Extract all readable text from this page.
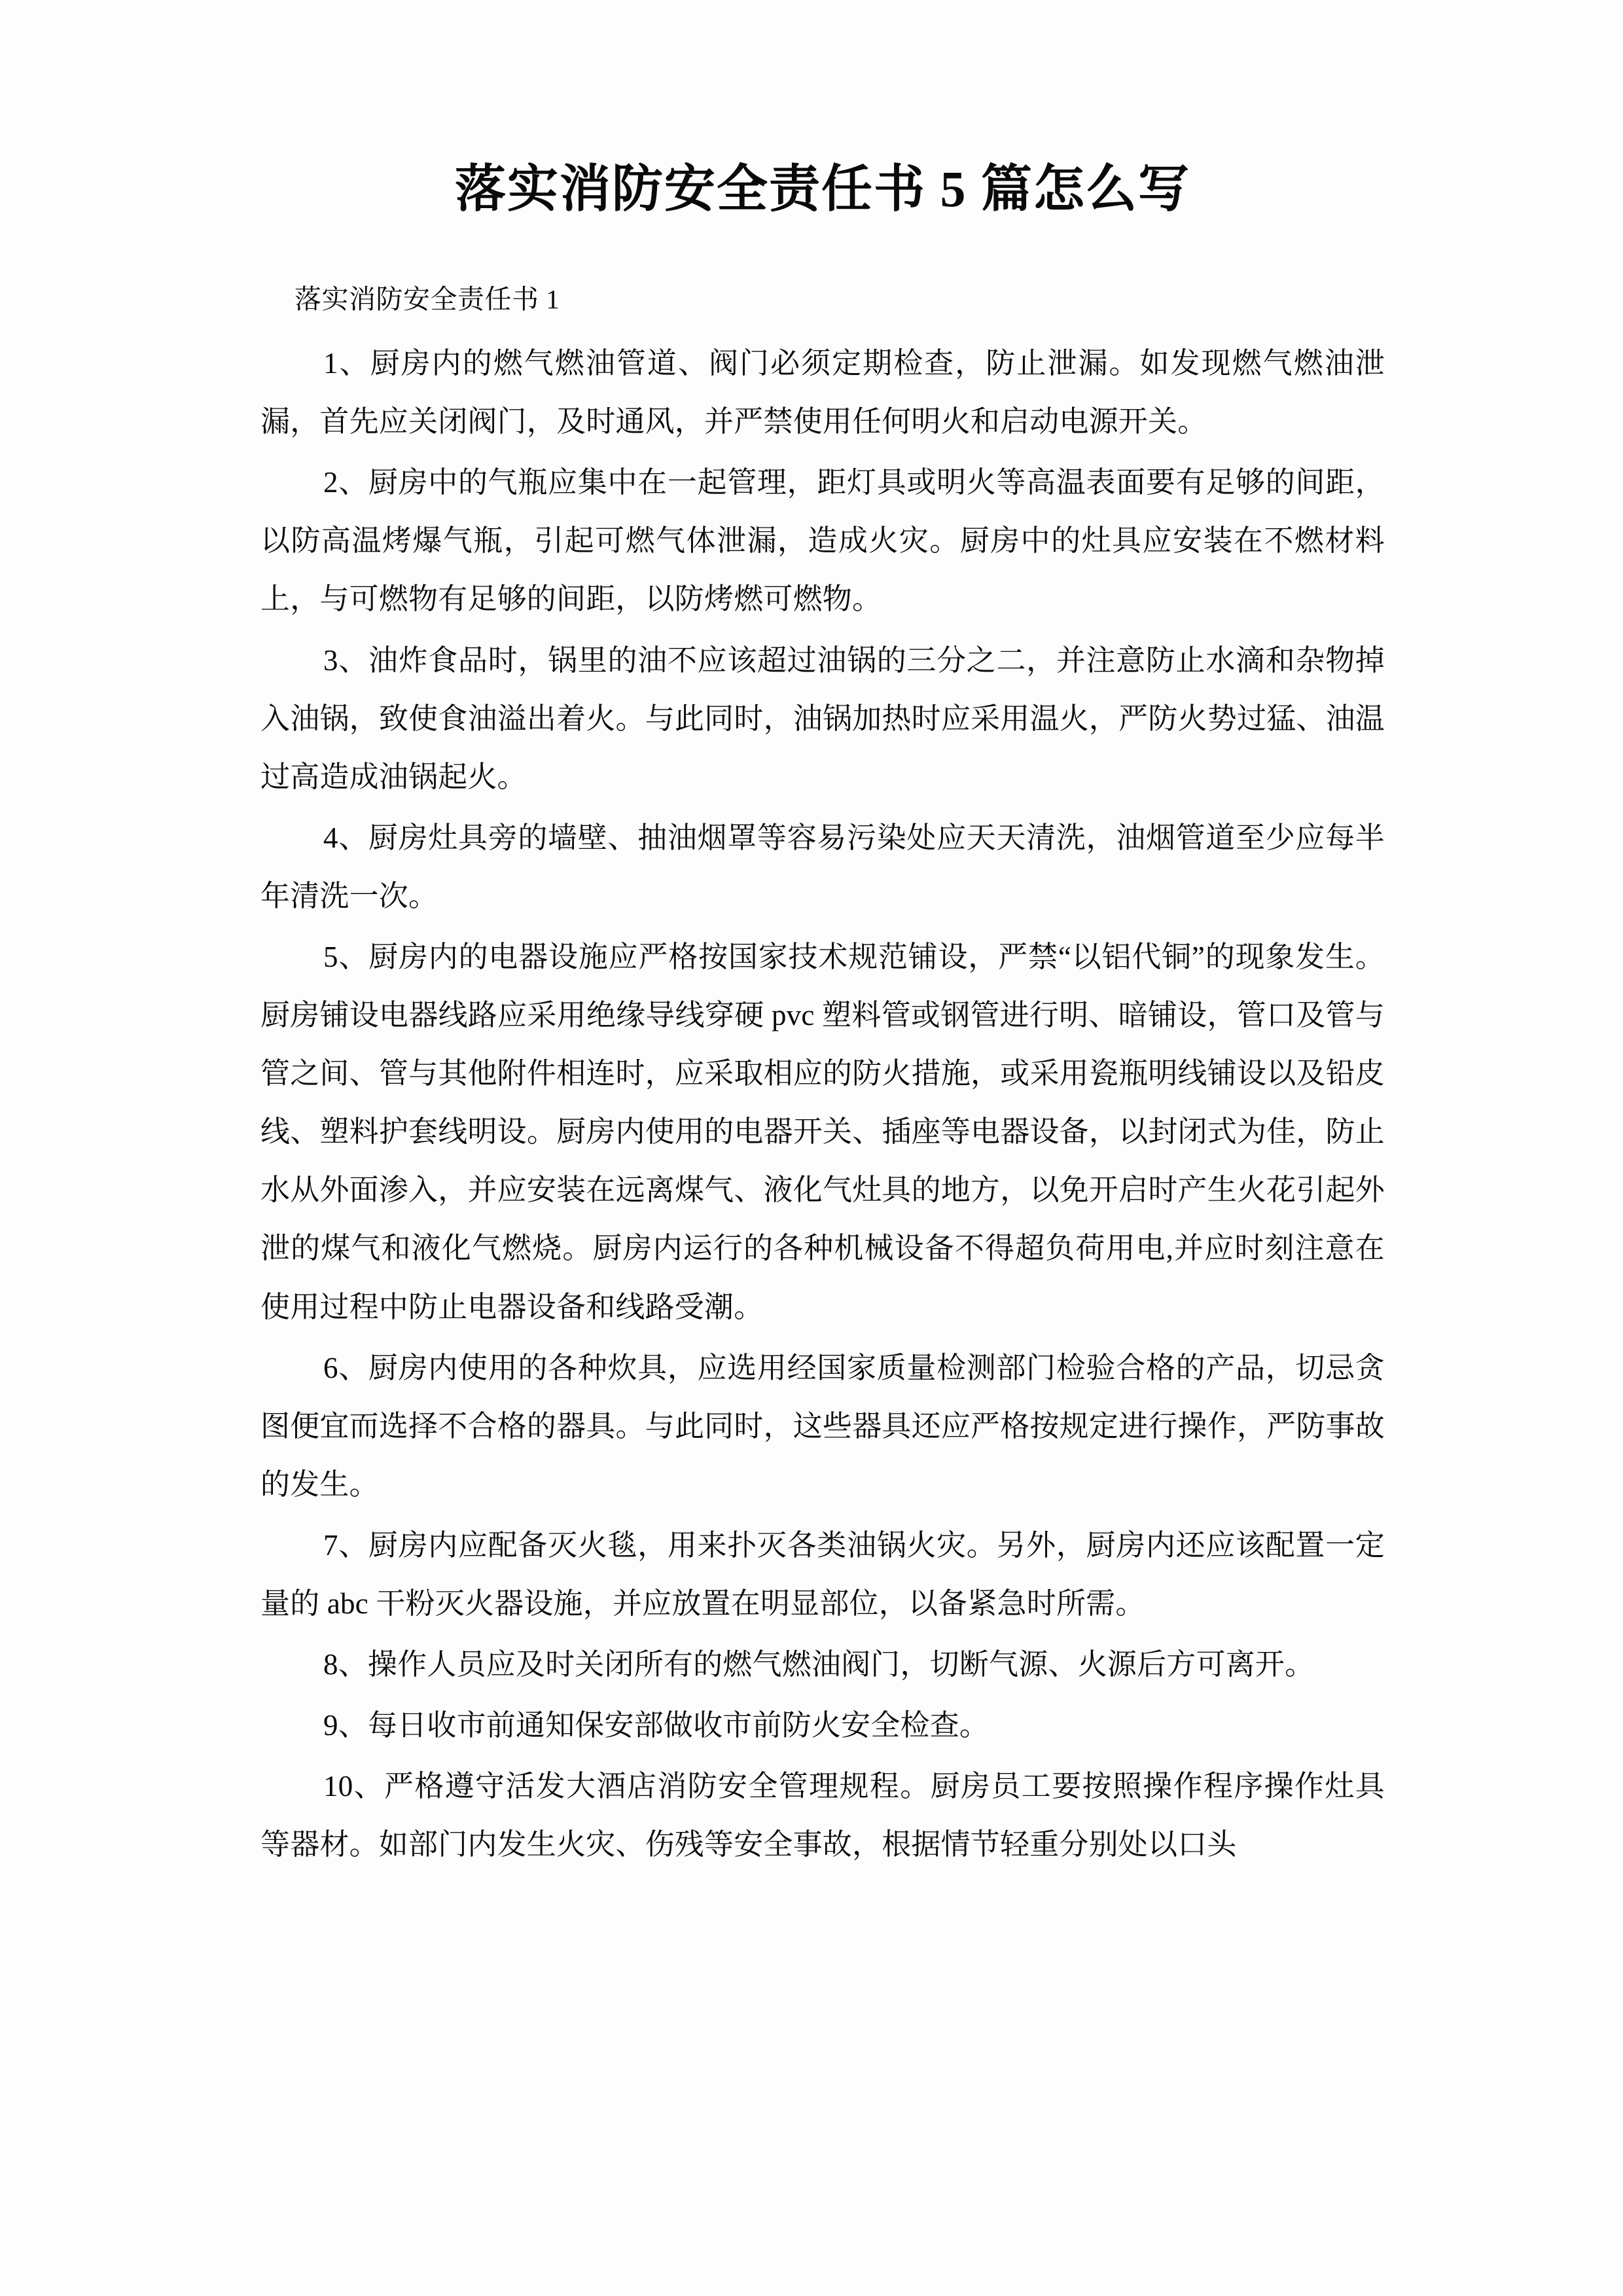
落实消防安全责任书 5 篇怎么写
落实消防安全责任书 1

1、厨房内的燃气燃油管道、阀门必须定期检查，防止泄漏。如发现燃气燃油泄漏，首先应关闭阀门，及时通风，并严禁使用任何明火和启动电源开关。

2、厨房中的气瓶应集中在一起管理，距灯具或明火等高温表面要有足够的间距，以防高温烤爆气瓶，引起可燃气体泄漏，造成火灾。厨房中的灶具应安装在不燃材料上，与可燃物有足够的间距，以防烤燃可燃物。

3、油炸食品时，锅里的油不应该超过油锅的三分之二，并注意防止水滴和杂物掉入油锅，致使食油溢出着火。与此同时，油锅加热时应采用温火，严防火势过猛、油温过高造成油锅起火。

4、厨房灶具旁的墙壁、抽油烟罩等容易污染处应天天清洗，油烟管道至少应每半年清洗一次。

5、厨房内的电器设施应严格按国家技术规范铺设，严禁“以铝代铜”的现象发生。厨房铺设电器线路应采用绝缘导线穿硬 pvc 塑料管或钢管进行明、暗铺设，管口及管与管之间、管与其他附件相连时，应采取相应的防火措施，或采用瓷瓶明线铺设以及铅皮线、塑料护套线明设。厨房内使用的电器开关、插座等电器设备，以封闭式为佳，防止水从外面渗入，并应安装在远离煤气、液化气灶具的地方，以免开启时产生火花引起外泄的煤气和液化气燃烧。厨房内运行的各种机械设备不得超负荷用电,并应时刻注意在使用过程中防止电器设备和线路受潮。

6、厨房内使用的各种炊具，应选用经国家质量检测部门检验合格的产品，切忌贪图便宜而选择不合格的器具。与此同时，这些器具还应严格按规定进行操作，严防事故的发生。

7、厨房内应配备灭火毯，用来扑灭各类油锅火灾。另外，厨房内还应该配置一定量的 abc 干粉灭火器设施，并应放置在明显部位，以备紧急时所需。

8、操作人员应及时关闭所有的燃气燃油阀门，切断气源、火源后方可离开。

9、每日收市前通知保安部做收市前防火安全检查。

10、严格遵守活发大酒店消防安全管理规程。厨房员工要按照操作程序操作灶具等器材。如部门内发生火灾、伤残等安全事故，根据情节轻重分别处以口头
